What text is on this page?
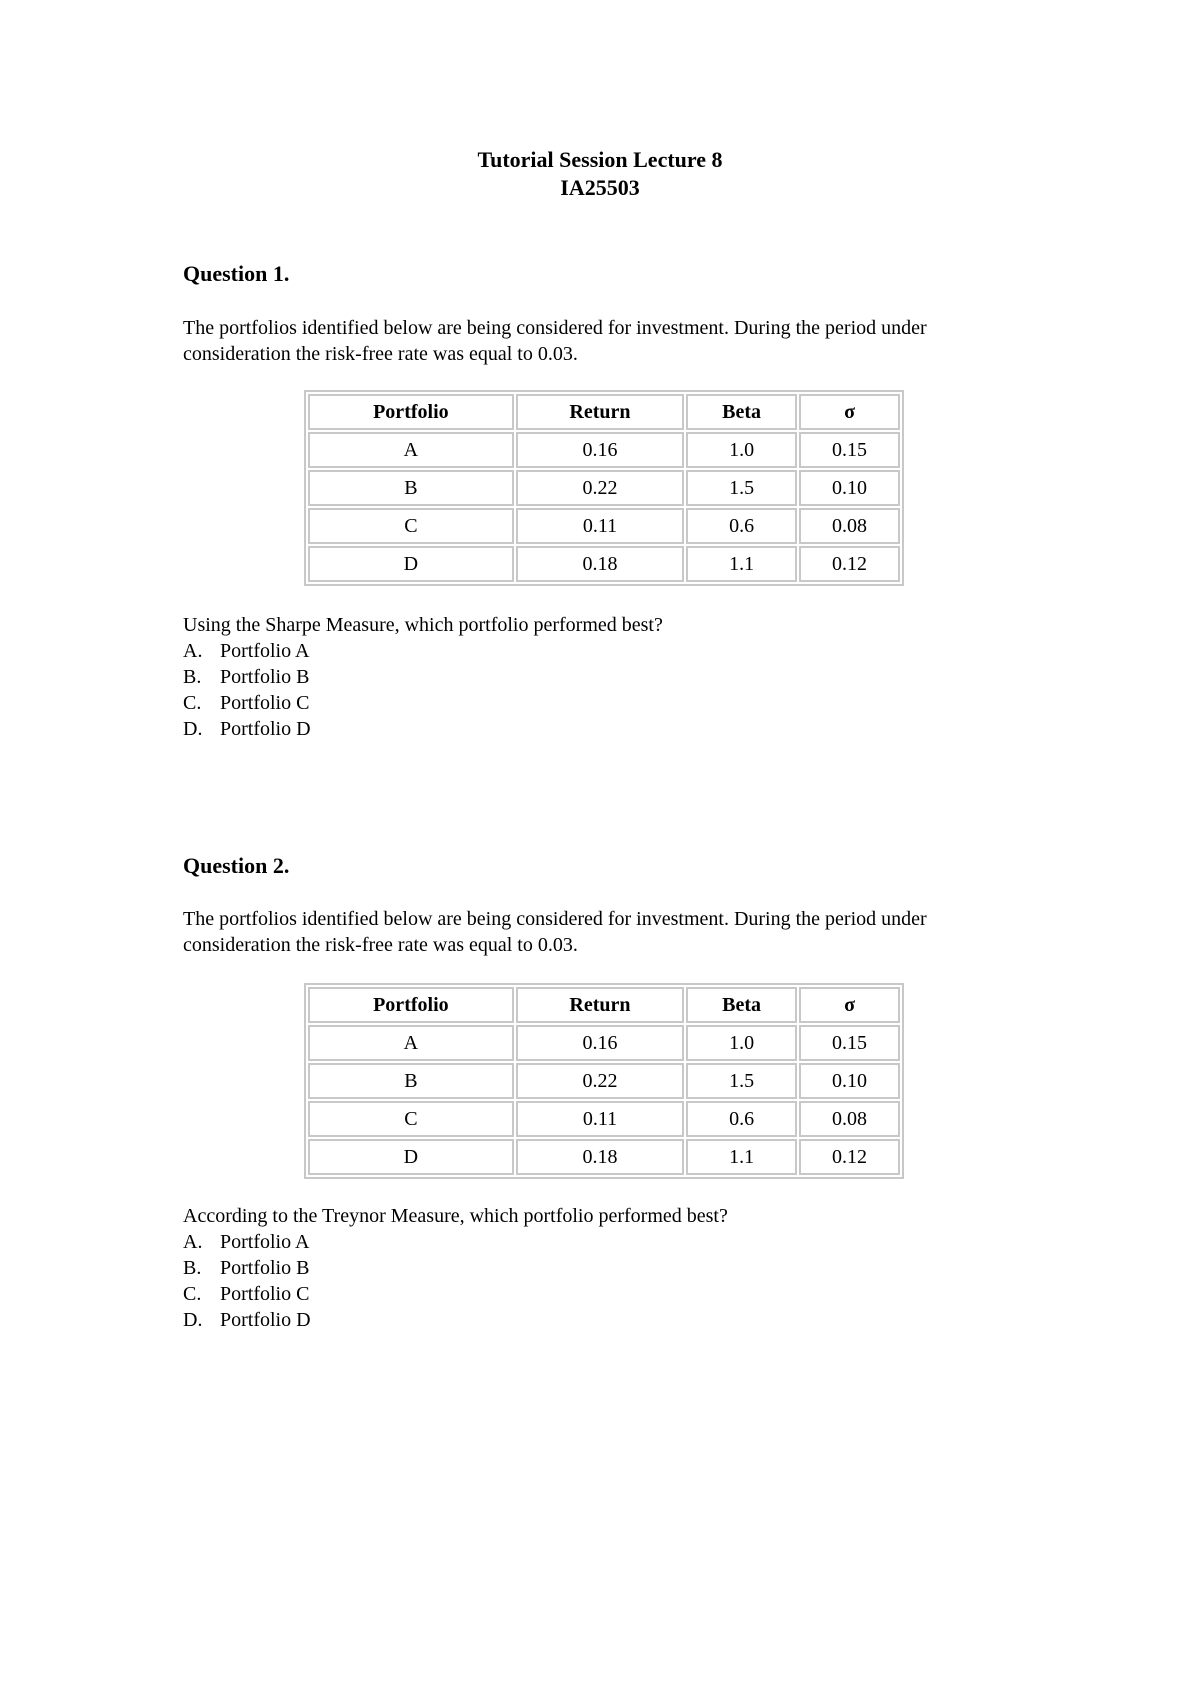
Tutorial Session Lecture 8
IA25503
Question 1.
The portfolios identified below are being considered for investment. During the period under
consideration the risk-free rate was equal to 0.03.
Portfolio	Return	Beta	σ
A	0.16	1.0	0.15
B	0.22	1.5	0.10
C	0.11	0.6	0.08
D	0.18	1.1	0.12
Using the Sharpe Measure, which portfolio performed best?
A. Portfolio A
B. Portfolio B
C. Portfolio C
D. Portfolio D
Question 2.
The portfolios identified below are being considered for investment. During the period under
consideration the risk-free rate was equal to 0.03.
Portfolio	Return	Beta	σ
A	0.16	1.0	0.15
B	0.22	1.5	0.10
C	0.11	0.6	0.08
D	0.18	1.1	0.12
According to the Treynor Measure, which portfolio performed best?
A. Portfolio A
B. Portfolio B
C. Portfolio C
D. Portfolio D
